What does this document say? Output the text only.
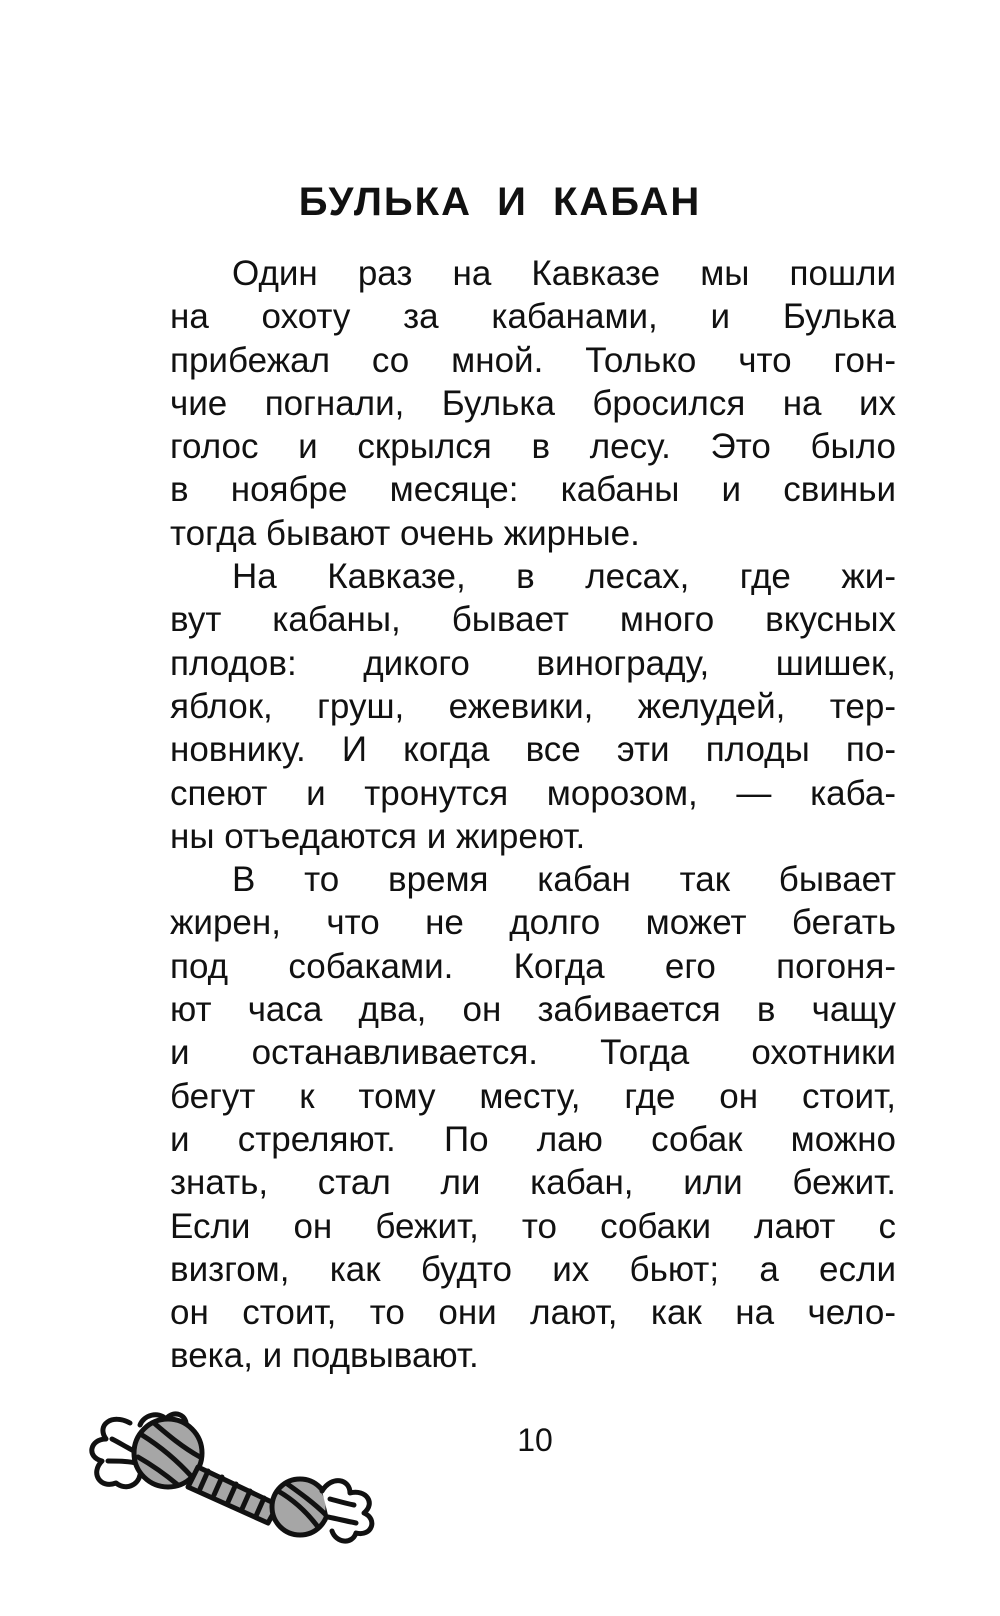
БУЛЬКА И КАБАН
Один раз на Кавказе мы пошли
на охоту за кабанами, и Булька
прибежал со мной. Только что гон-
чие погнали, Булька бросился на их
голос и скрылся в лесу. Это было
в ноябре месяце: кабаны и свиньи
тогда бывают очень жирные.
На Кавказе, в лесах, где жи-
вут кабаны, бывает много вкусных
плодов: дикого винограду, шишек,
яблок, груш, ежевики, желудей, тер-
новнику. И когда все эти плоды по-
спеют и тронутся морозом, — каба-
ны отъедаются и жиреют.
В то время кабан так бывает
жирен, что не долго может бегать
под собаками. Когда его погоня-
ют часа два, он забивается в чащу
и останавливается. Тогда охотники
бегут к тому месту, где он стоит,
и стреляют. По лаю собак можно
знать, стал ли кабан, или бежит.
Если он бежит, то собаки лают с
визгом, как будто их бьют; а если
он стоит, то они лают, как на чело-
века, и подвывают.
10
